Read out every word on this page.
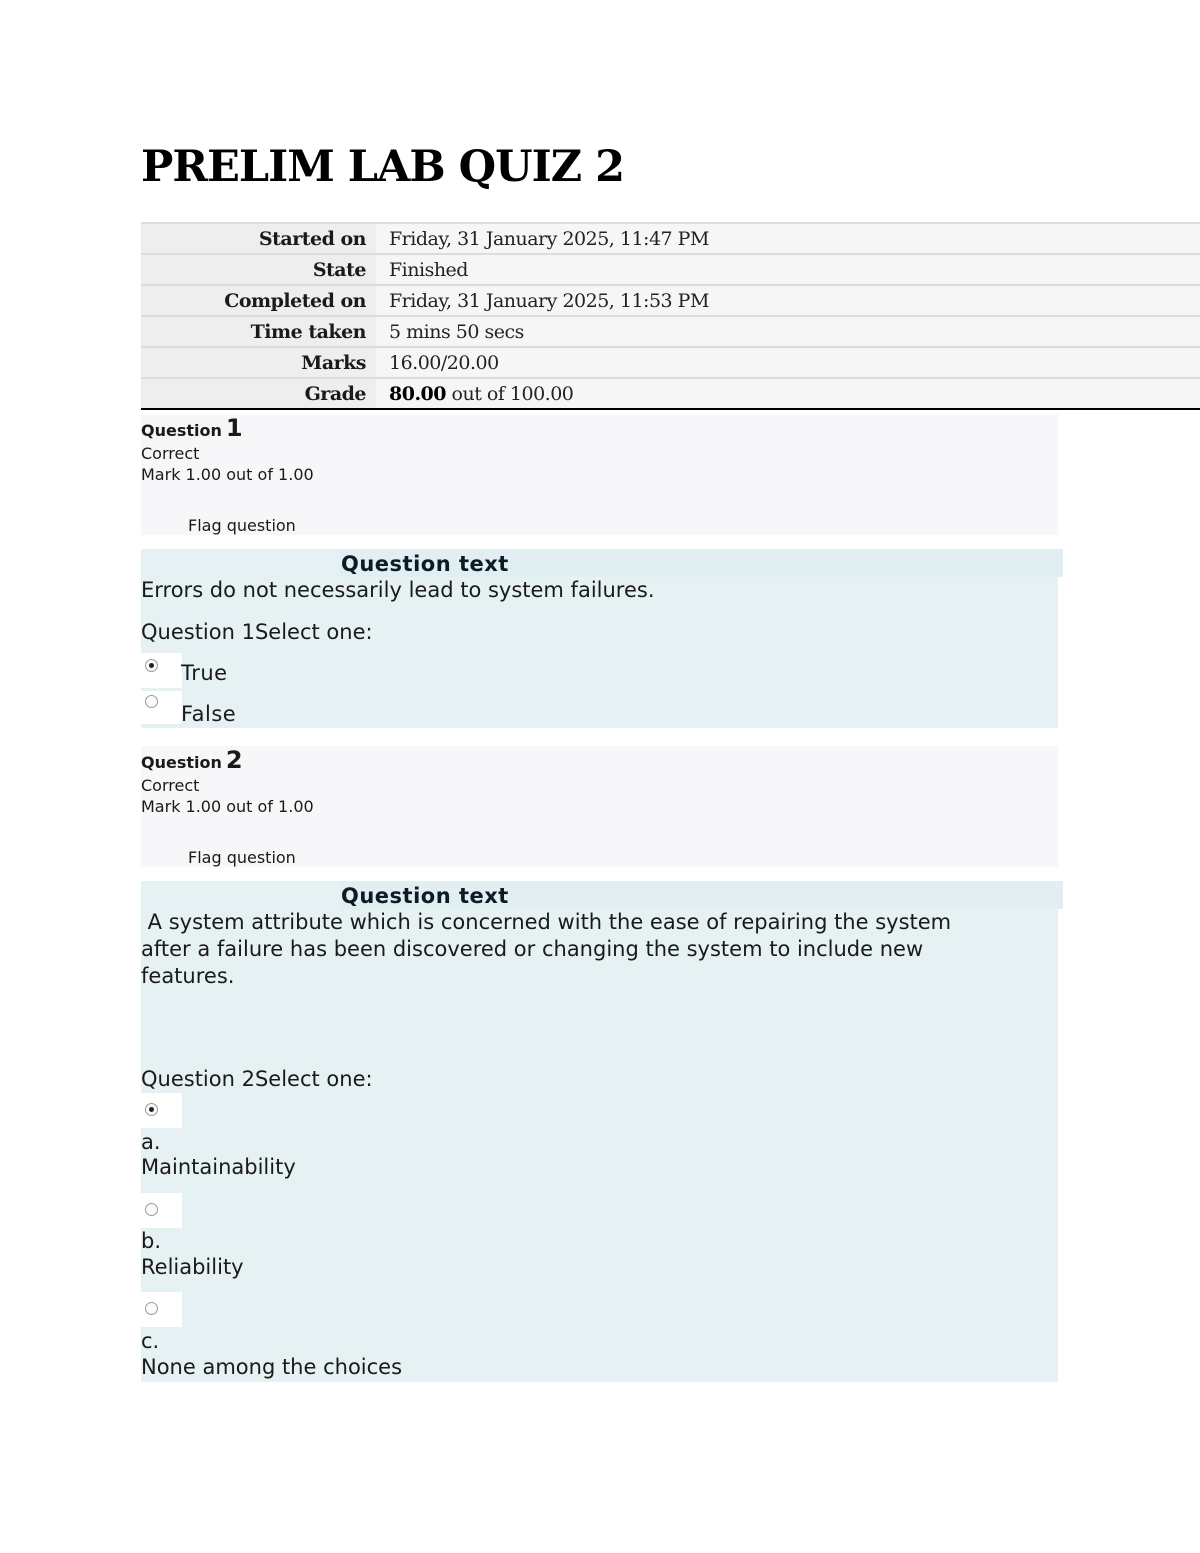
PRELIM LAB QUIZ 2
Started on	Friday, 31 January 2025, 11:47 PM
State	Finished
Completed on	Friday, 31 January 2025, 11:53 PM
Time taken	5 mins 50 secs
Marks	16.00/20.00
Grade	80.00 out of 100.00
Question 1
Correct
Mark 1.00 out of 1.00
Flag question
Question text
Errors do not necessarily lead to system failures.
Question 1Select one:
True
False
Question 2
Correct
Mark 1.00 out of 1.00
Flag question
Question text
A system attribute which is concerned with the ease of repairing the system
after a failure has been discovered or changing the system to include new
features.
Question 2Select one:
a.
Maintainability
b.
Reliability
c.
None among the choices
